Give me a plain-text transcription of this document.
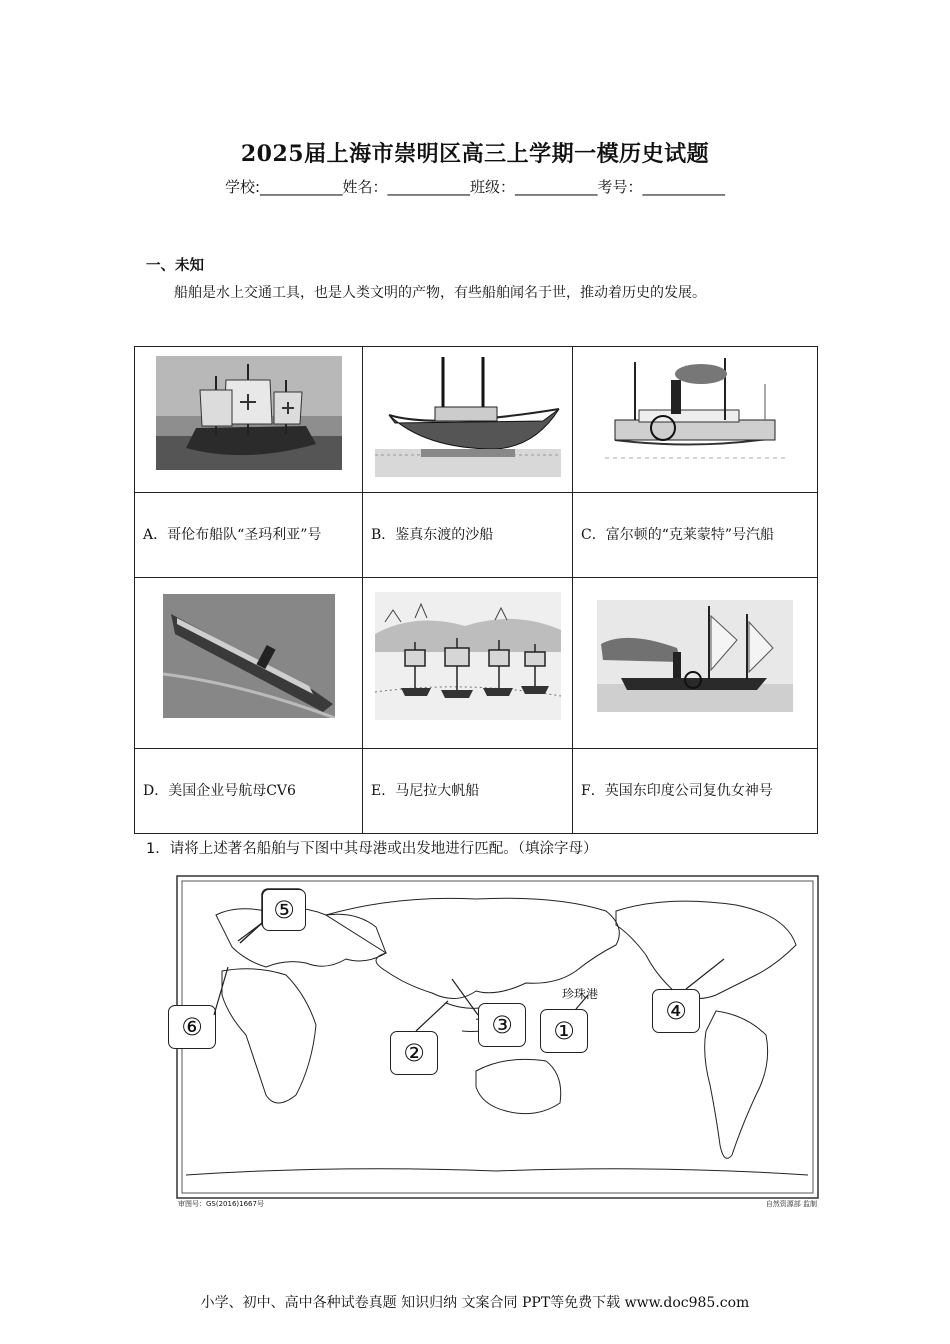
2025届上海市崇明区高三上学期一模历史试题
学校:___________姓名：___________班级：___________考号：___________
一、未知
船舶是水上交通工具，也是人类文明的产物，有些船舶闻名于世，推动着历史的发展。

A．哥伦布船队“圣玛利亚”号	B．鉴真东渡的沙船	C．富尔顿的“克莱蒙特”号汽船

D．美国企业号航母CV6	E．马尼拉大帆船	F．英国东印度公司复仇女神号
1．请将上述著名船舶与下图中其母港或出发地进行匹配。（填涂字母）
⑤
⑥
②
③	①
④
珍珠港
审图号：GS(2016)1667号	自然资源部 监制
小学、初中、高中各种试卷真题 知识归纳 文案合同 PPT等免费下载 www.doc985.com
